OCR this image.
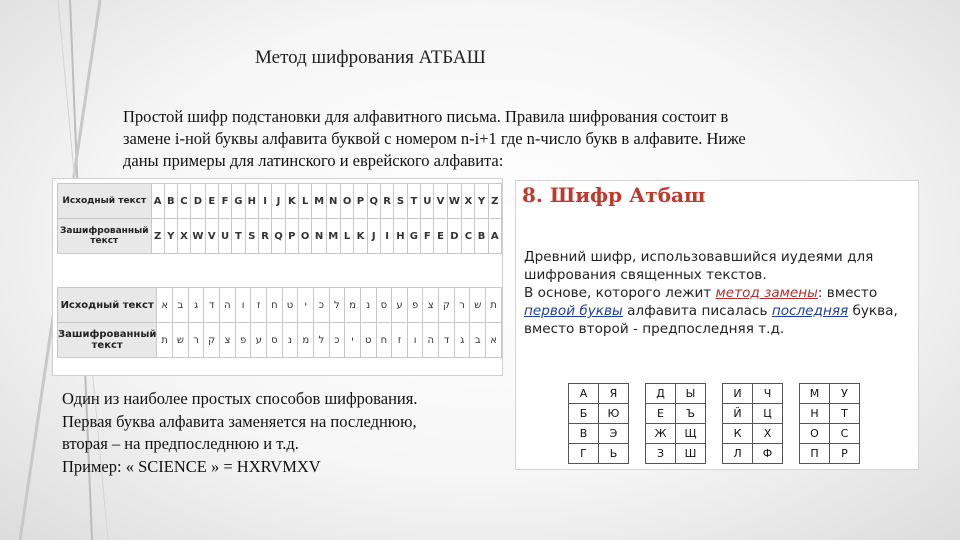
Метод шифрования АТБАШ
Простой шифр подстановки для алфавитного письма. Правила шифрования состоит в
замене i-ной буквы алфавита буквой с номером n-i+1 где n-число букв в алфавите. Ниже
даны примеры для латинского и еврейского алфавита:
Исходный текст	A	B	C	D	E	F	G	H	I	J	K	L	M	N	O	P	Q	R	S	T	U	V	W	X	Y	Z
Зашифрованный текст	Z	Y	X	W	V	U	T	S	R	Q	P	O	N	M	L	K	J	I	H	G	F	E	D	C	B	A
Исходный текст	א	ב	ג	ד	ה	ו	ז	ח	ט	י	כ	ל	מ	נ	ס	ע	פ	צ	ק	ר	ש	ת
Зашифрованный текст	ת	ש	ר	ק	צ	פ	ע	ס	נ	מ	ל	כ	י	ט	ח	ז	ו	ה	ד	ג	ב	א
Один из наиболее простых способов шифрования.
Первая буква алфавита заменяется на последнюю,
вторая – на предпоследнюю и т.д.
Пример: « SCIENCE » = HXRVMXV
8. Шифр Атбаш
Древний шифр, использовавшийся иудеями для шифрования священных текстов.
В основе, которого лежит метод замены: вместо первой буквы алфавита писалась последняя буква, вместо второй - предпоследняя т.д.
А	Я
Б	Ю
В	Э
Г	Ь
Д	Ы
Е	Ъ
Ж	Щ
З	Ш
И	Ч
Й	Ц
К	Х
Л	Ф
М	У
Н	Т
О	С
П	Р
